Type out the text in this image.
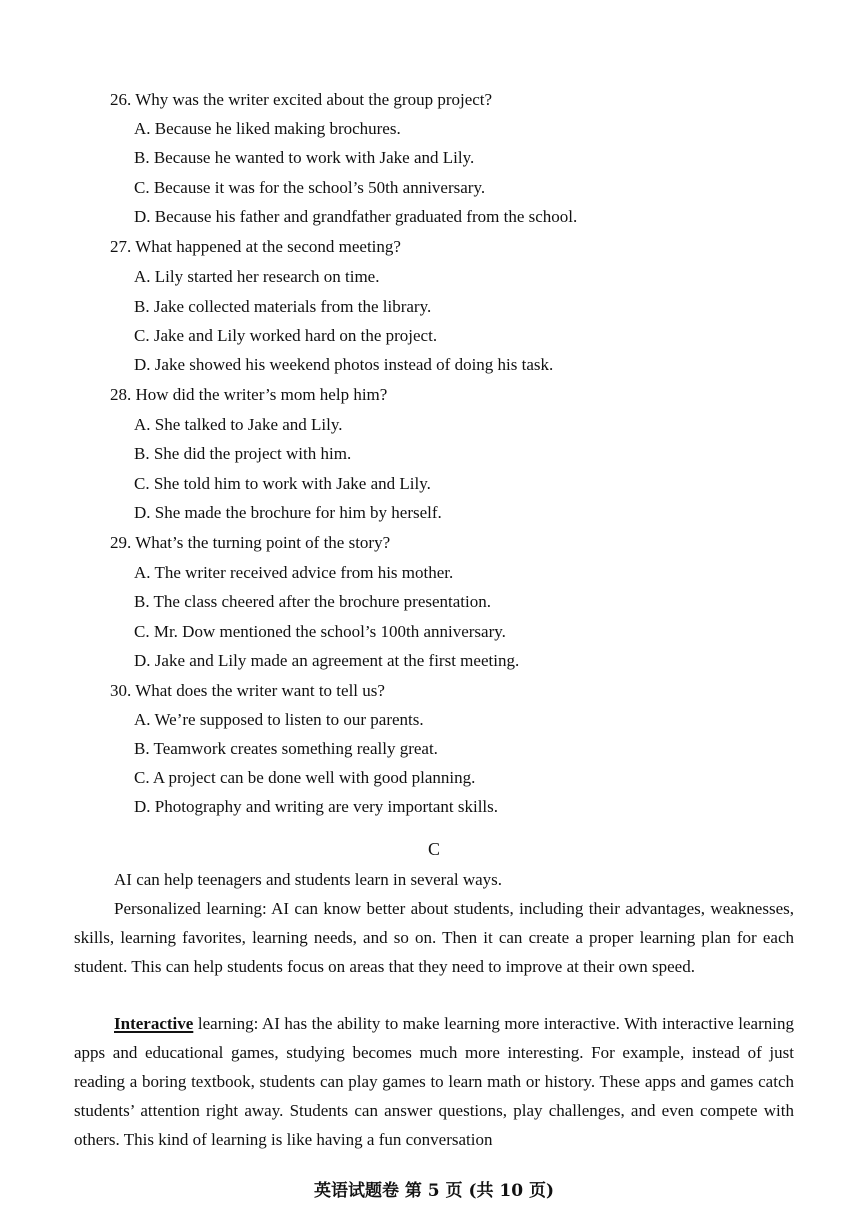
26. Why was the writer excited about the group project?
A. Because he liked making brochures.
B. Because he wanted to work with Jake and Lily.
C. Because it was for the school’s 50th anniversary.
D. Because his father and grandfather graduated from the school.
27. What happened at the second meeting?
A. Lily started her research on time.
B. Jake collected materials from the library.
C. Jake and Lily worked hard on the project.
D. Jake showed his weekend photos instead of doing his task.
28. How did the writer’s mom help him?
A. She talked to Jake and Lily.
B. She did the project with him.
C. She told him to work with Jake and Lily.
D. She made the brochure for him by herself.
29. What’s the turning point of the story?
A. The writer received advice from his mother.
B. The class cheered after the brochure presentation.
C. Mr. Dow mentioned the school’s 100th anniversary.
D. Jake and Lily made an agreement at the first meeting.
30. What does the writer want to tell us?
A. We’re supposed to listen to our parents.
B. Teamwork creates something really great.
C. A project can be done well with good planning.
D. Photography and writing are very important skills.
C
AI can help teenagers and students learn in several ways.
Personalized learning: AI can know better about students, including their advantages, weaknesses, skills, learning favorites, learning needs, and so on. Then it can create a proper learning plan for each student. This can help students focus on areas that they need to improve at their own speed.
Interactive learning: AI has the ability to make learning more interactive. With interactive learning apps and educational games, studying becomes much more interesting. For example, instead of just reading a boring textbook, students can play games to learn math or history. These apps and games catch students’ attention right away. Students can answer questions, play challenges, and even compete with others. This kind of learning is like having a fun conversation
英语试题卷 第 5 页 (共 10 页)
